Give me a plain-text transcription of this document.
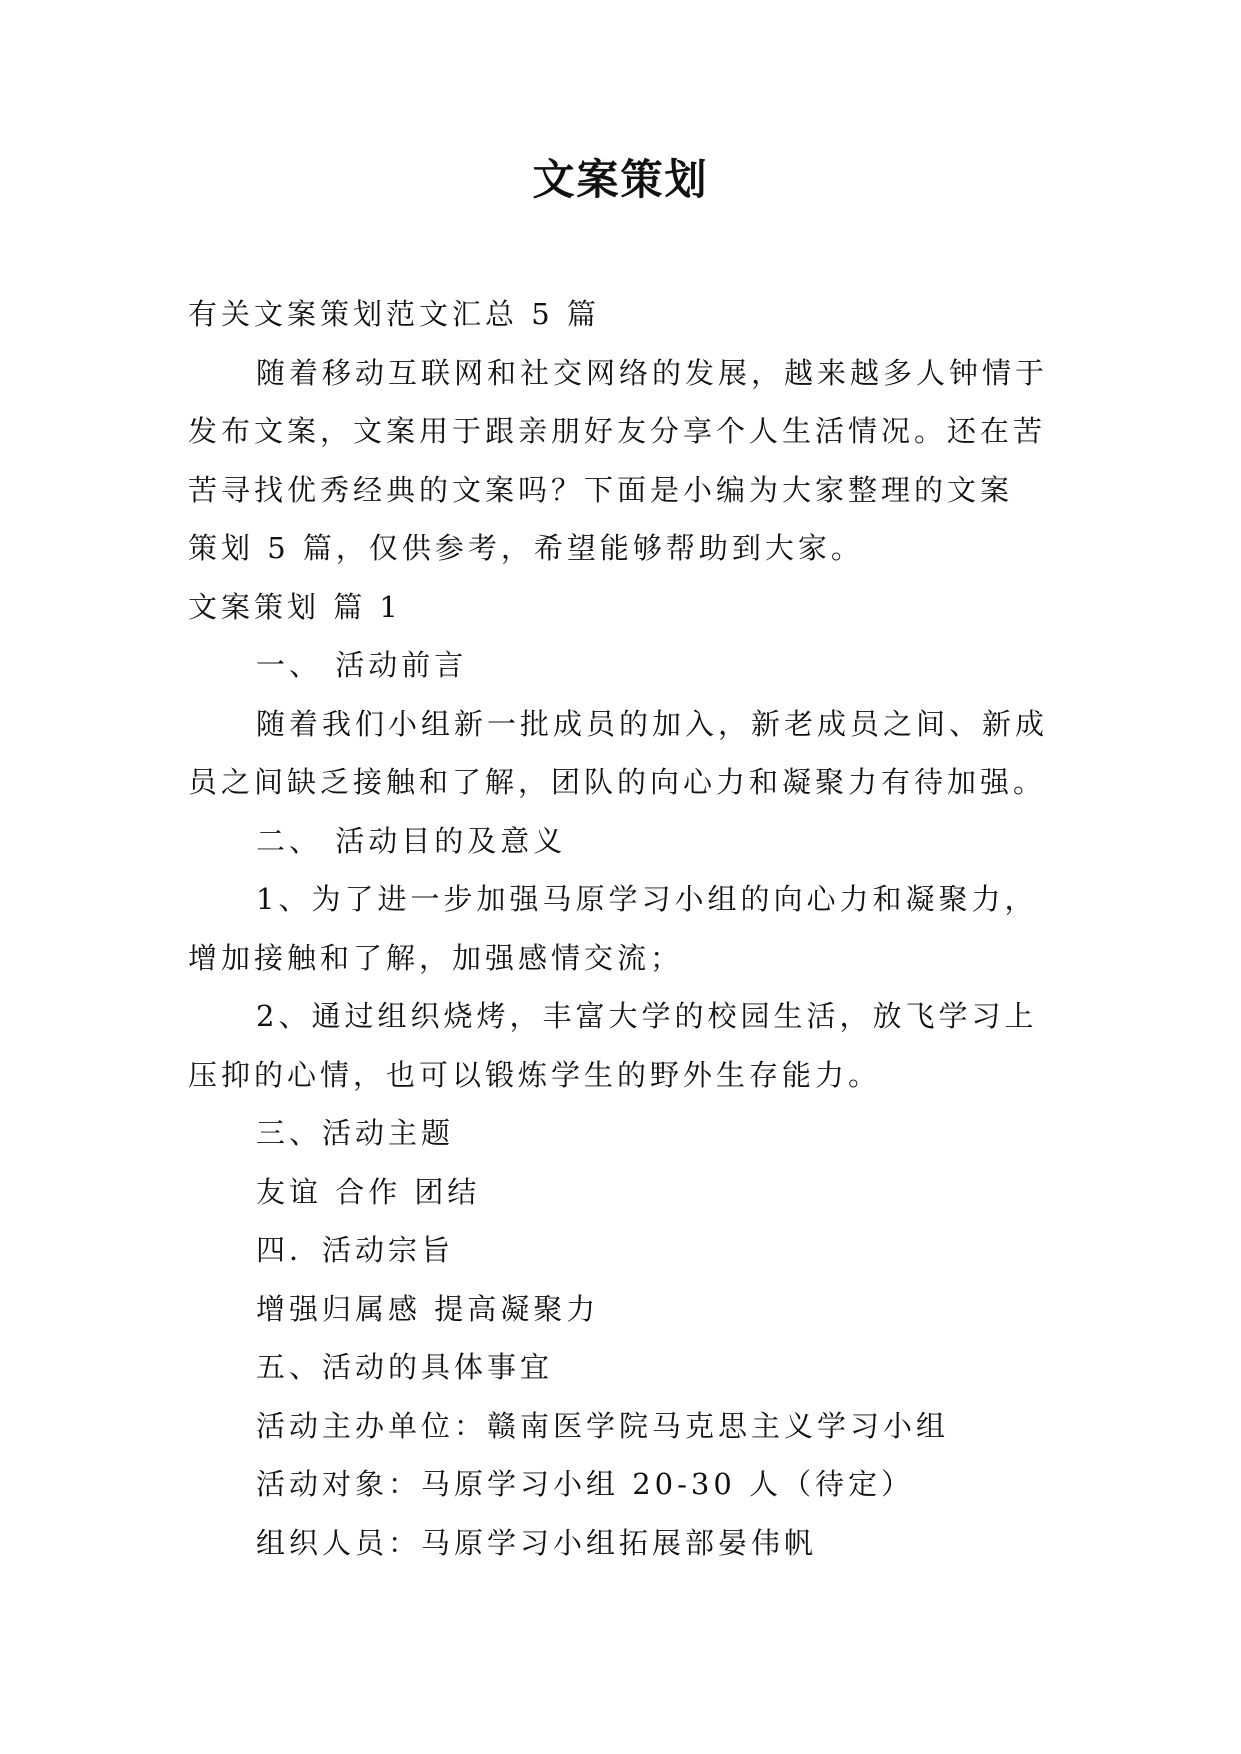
文案策划
有关文案策划范文汇总 5 篇
随着移动互联网和社交网络的发展，越来越多人钟情于
发布文案，文案用于跟亲朋好友分享个人生活情况。还在苦
苦寻找优秀经典的文案吗？下面是小编为大家整理的文案
策划 5 篇，仅供参考，希望能够帮助到大家。
文案策划 篇 1
一、 活动前言
随着我们小组新一批成员的加入，新老成员之间、新成
员之间缺乏接触和了解，团队的向心力和凝聚力有待加强。
二、 活动目的及意义
1、为了进一步加强马原学习小组的向心力和凝聚力，
增加接触和了解，加强感情交流；
2、通过组织烧烤，丰富大学的校园生活，放飞学习上
压抑的心情，也可以锻炼学生的野外生存能力。
三、活动主题
友谊 合作 团结
四．活动宗旨
增强归属感 提高凝聚力
五、活动的具体事宜
活动主办单位：赣南医学院马克思主义学习小组
活动对象：马原学习小组 20-30 人（待定）
组织人员：马原学习小组拓展部晏伟帆
